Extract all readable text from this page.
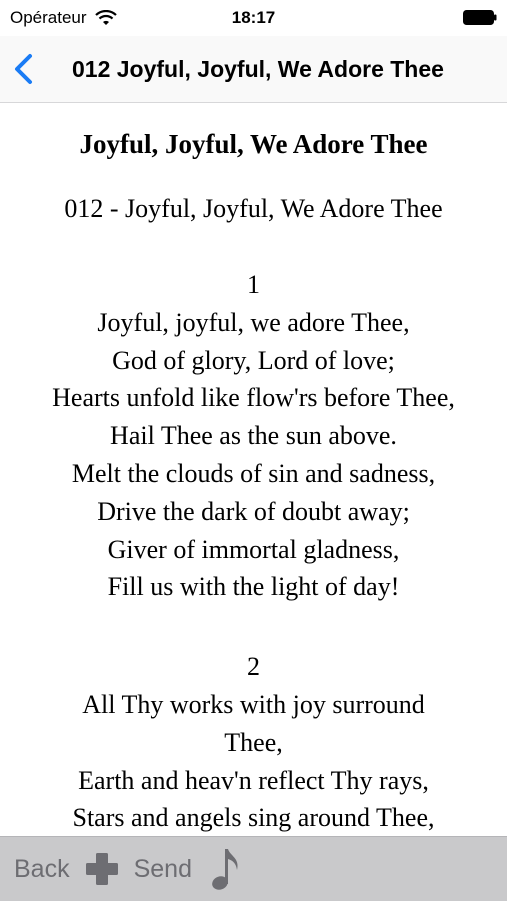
Opérateur	18:17
012 Joyful, Joyful, We Adore Thee
Joyful, Joyful, We Adore Thee
012 - Joyful, Joyful, We Adore Thee
1
Joyful, joyful, we adore Thee,
God of glory, Lord of love;
Hearts unfold like flow'rs before Thee,
Hail Thee as the sun above.
Melt the clouds of sin and sadness,
Drive the dark of doubt away;
Giver of immortal gladness,
Fill us with the light of day!
2
All Thy works with joy surround
Thee,
Earth and heav'n reflect Thy rays,
Stars and angels sing around Thee,
Back	Send
